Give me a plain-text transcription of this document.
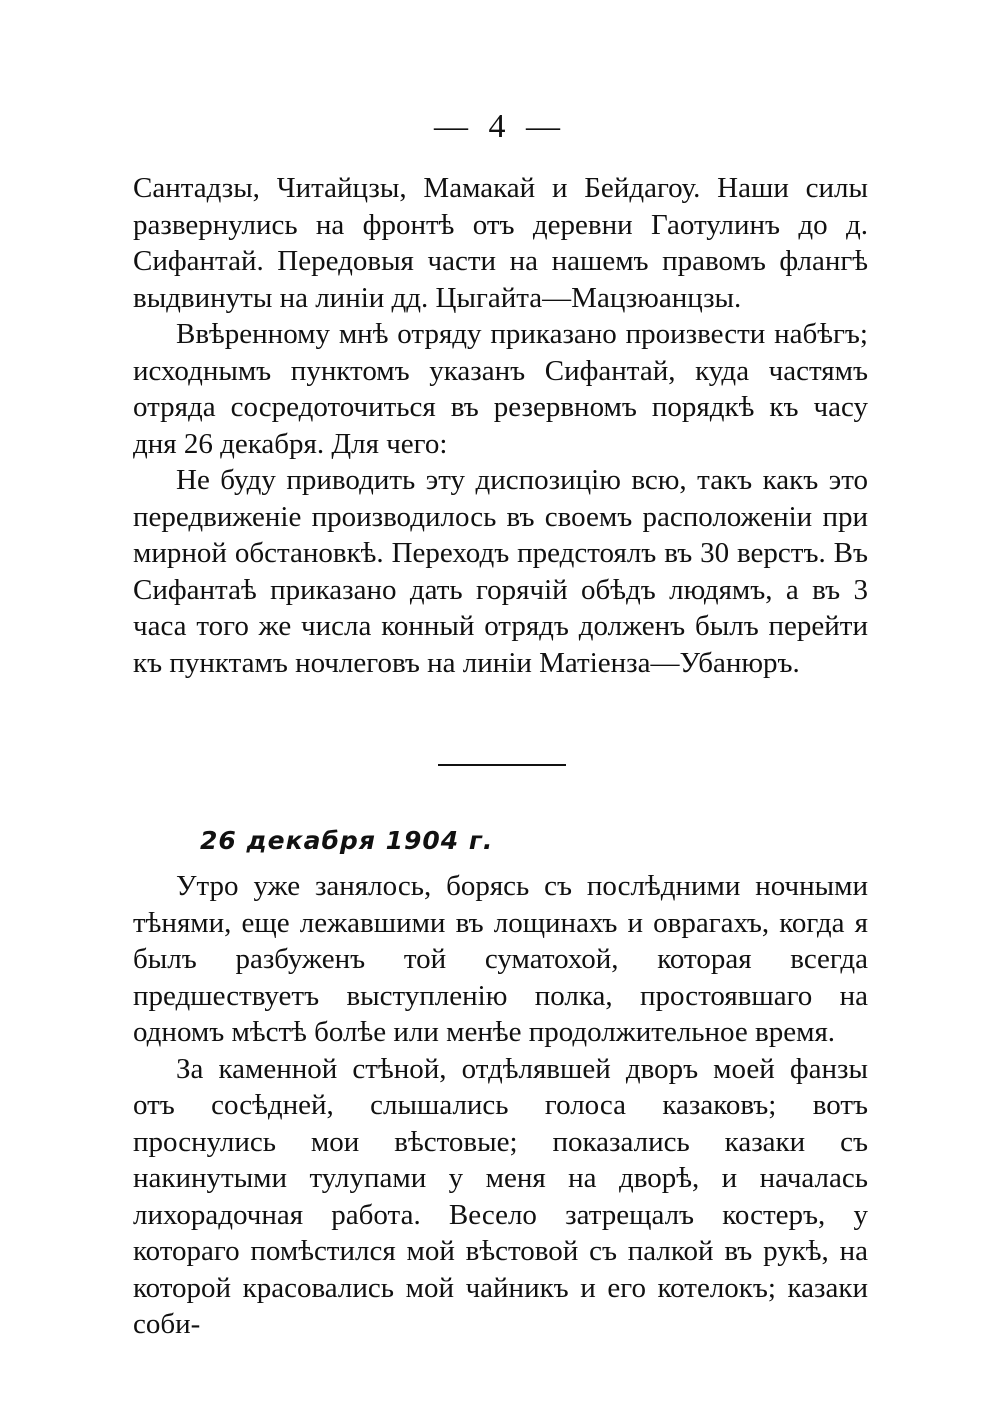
— 4 —

Сантадзы, Читайцзы, Мамакай и Бейдагоу. Наши силы развернулись на фронтѣ отъ деревни Гаотулинъ до д. Сифантай. Передовыя части на нашемъ правомъ флангѣ выдвинуты на линіи дд. Цыгайта—Мацзюанцзы.

Ввѣренному мнѣ отряду приказано произвести набѣгъ; исходнымъ пунктомъ указанъ Сифантай, куда частямъ отряда сосредоточиться въ резервномъ порядкѣ къ часу дня 26 декабря. Для чего:

Не буду приводить эту диспозицію всю, такъ какъ это передвиженіе производилось въ своемъ расположеніи при мирной обстановкѣ. Переходъ предстоялъ въ 30 верстъ. Въ Сифантаѣ приказано дать горячій обѣдъ людямъ, а въ 3 часа того же числа конный отрядъ долженъ былъ перейти къ пунктамъ ночлеговъ на линіи Матіенза—Убанюръ.

26 декабря 1904 г.

Утро уже занялось, борясь съ послѣдними ночными тѣнями, еще лежавшими въ лощинахъ и оврагахъ, когда я былъ разбуженъ той суматохой, которая всегда предшествуетъ выступленію полка, простоявшаго на одномъ мѣстѣ болѣе или менѣе продолжительное время.

За каменной стѣной, отдѣлявшей дворъ моей фанзы отъ сосѣдней, слышались голоса казаковъ; вотъ проснулись мои вѣстовые; показались казаки съ накинутыми тулупами у меня на дворѣ, и началась лихорадочная работа. Весело затрещалъ костеръ, у котораго помѣстился мой вѣстовой съ палкой въ рукѣ, на которой красовались мой чайникъ и его котелокъ; казаки соби-
